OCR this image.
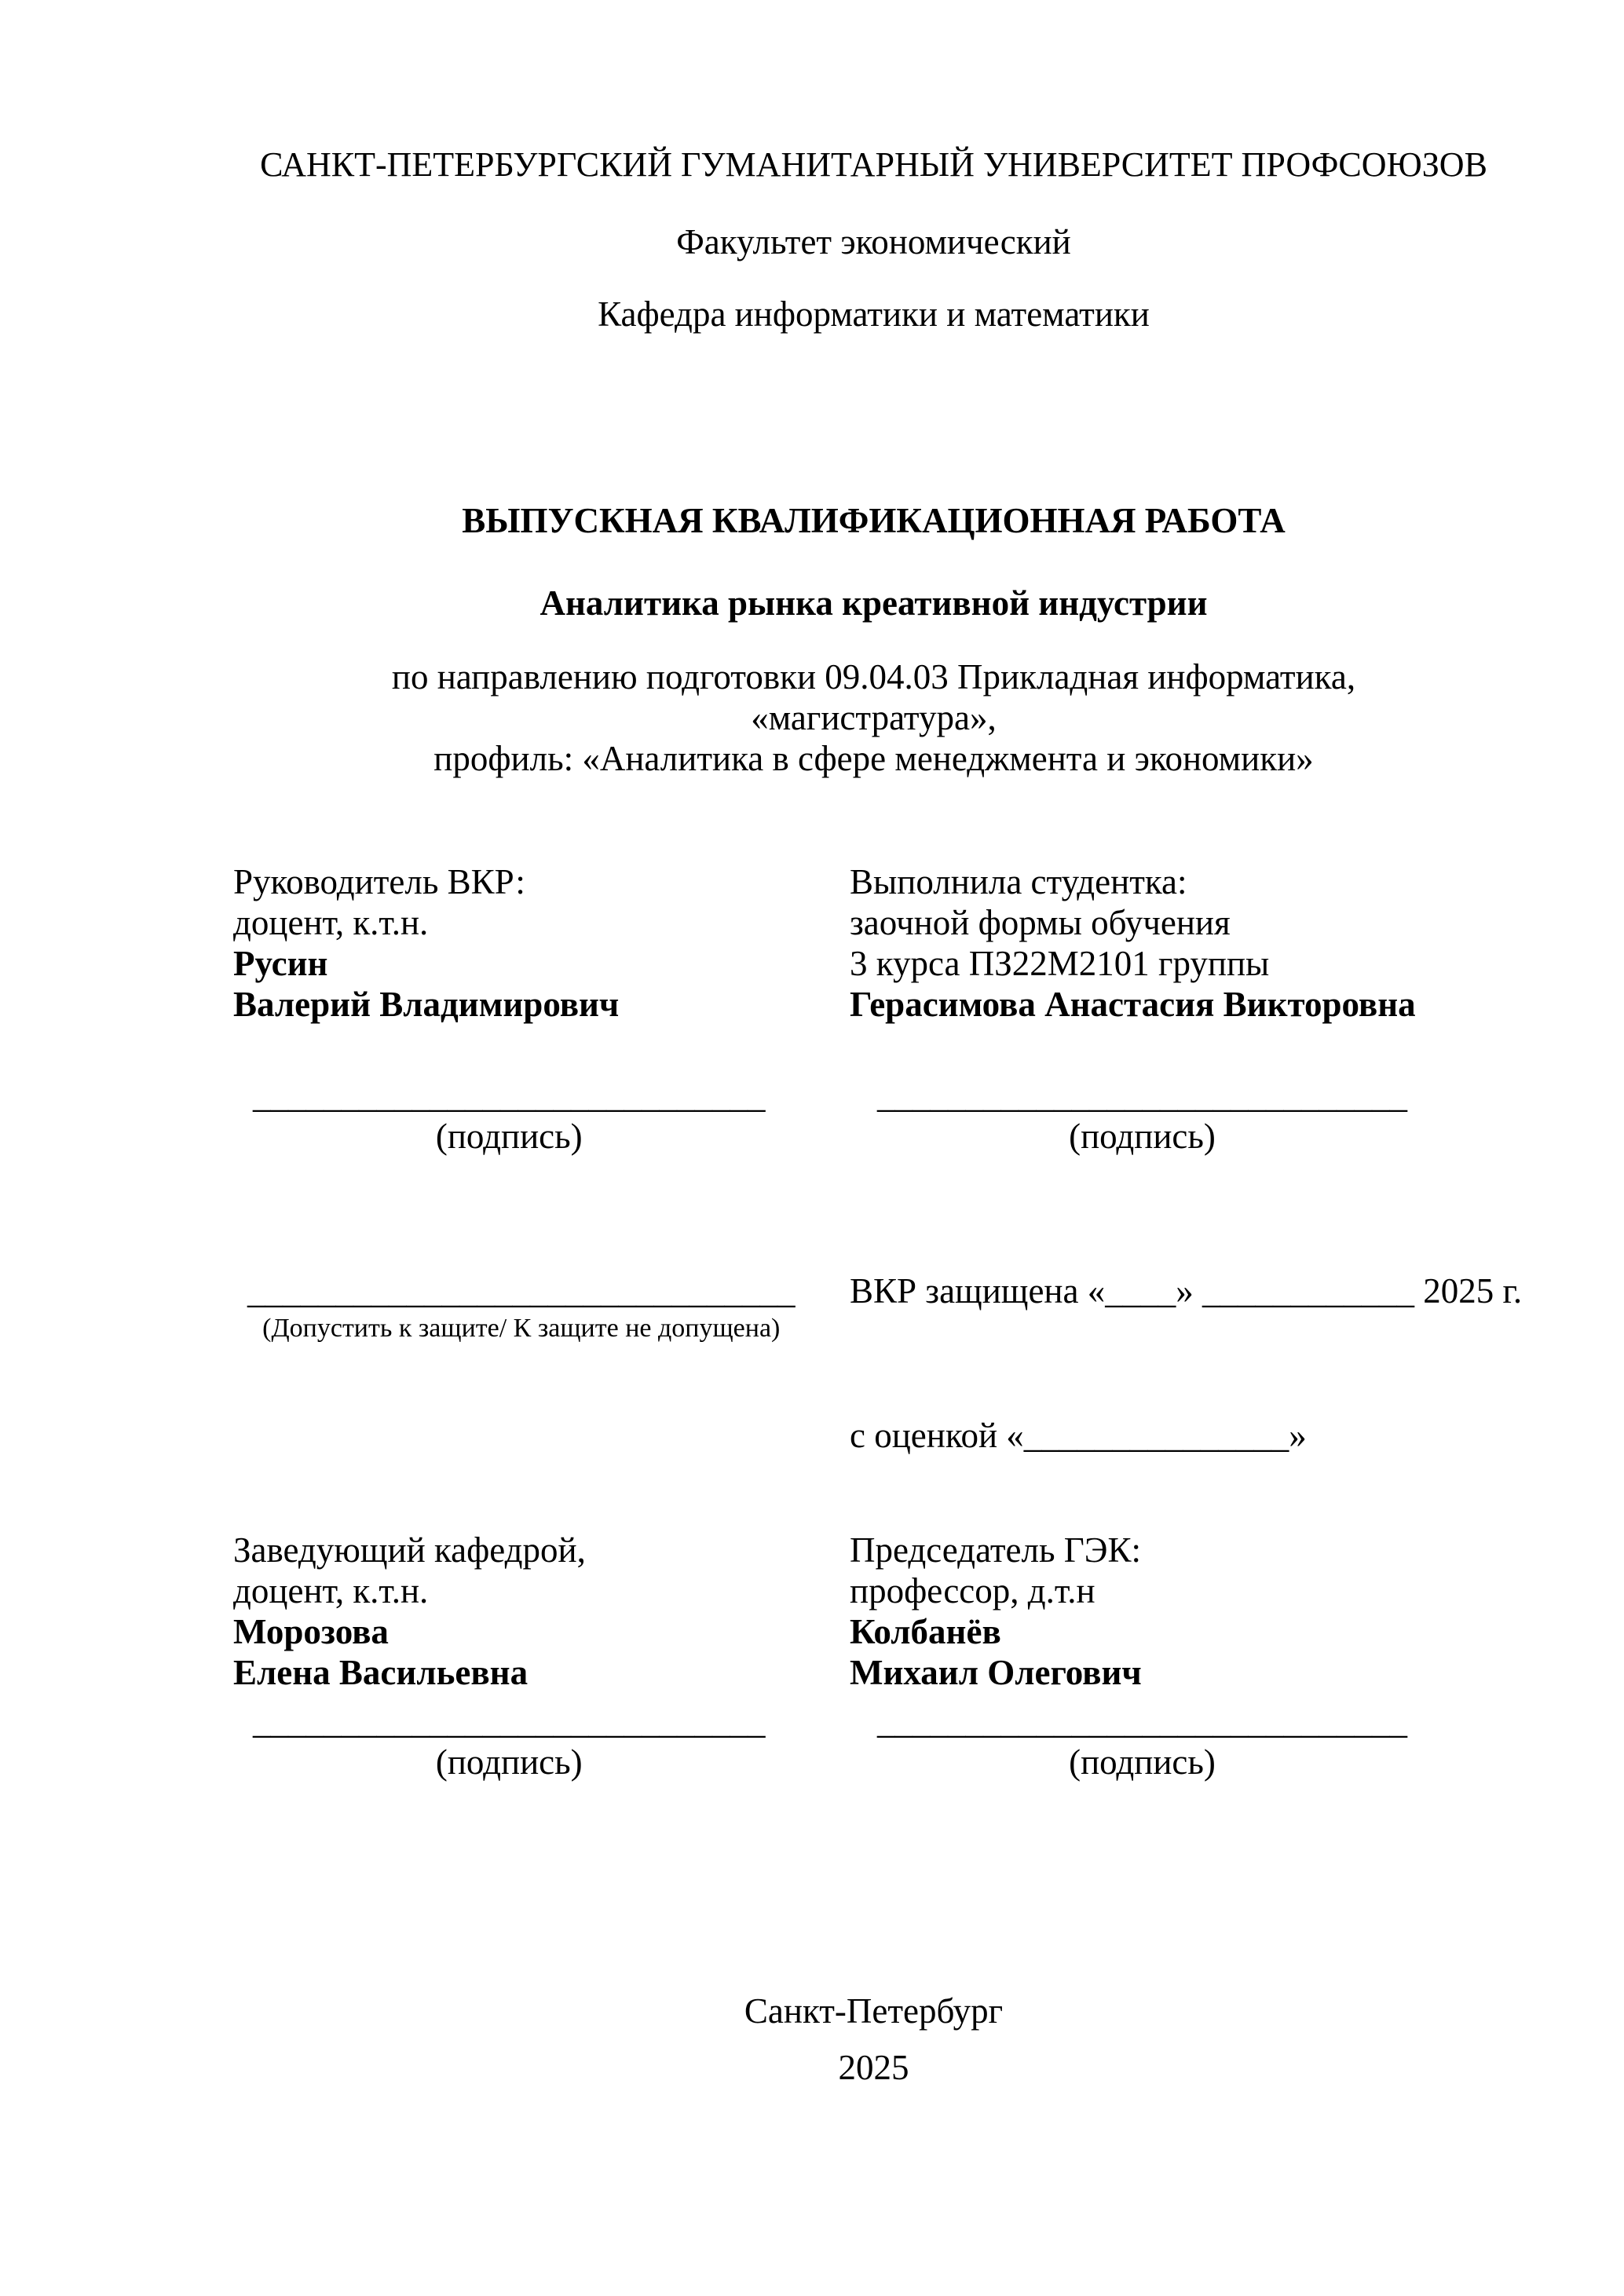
САНКТ-ПЕТЕРБУРГСКИЙ ГУМАНИТАРНЫЙ УНИВЕРСИТЕТ ПРОФСОЮЗОВ
Факультет экономический
Кафедра информатики и математики
ВЫПУСКНАЯ КВАЛИФИКАЦИОННАЯ РАБОТА
Аналитика рынка креативной индустрии
по направлению подготовки 09.04.03 Прикладная информатика,
«магистратура»,
профиль: «Аналитика в сфере менеджмента и экономики»
Руководитель ВКР:
доцент, к.т.н.
Русин
Валерий Владимирович
Выполнила студентка:
заочной формы обучения
3 курса ПЗ22М2101 группы
Герасимова Анастасия Викторовна
_____________________________
(подпись)
______________________________
(подпись)
_______________________________
(Допустить к защите/ К защите не допущена)
ВКР защищена «____» ____________ 2025 г.
с оценкой «_______________»
Заведующий кафедрой,
доцент, к.т.н.
Морозова
Елена Васильевна
Председатель ГЭК:
профессор, д.т.н
Колбанёв
Михаил Олегович
_____________________________
(подпись)
______________________________
(подпись)
Санкт-Петербург
2025
